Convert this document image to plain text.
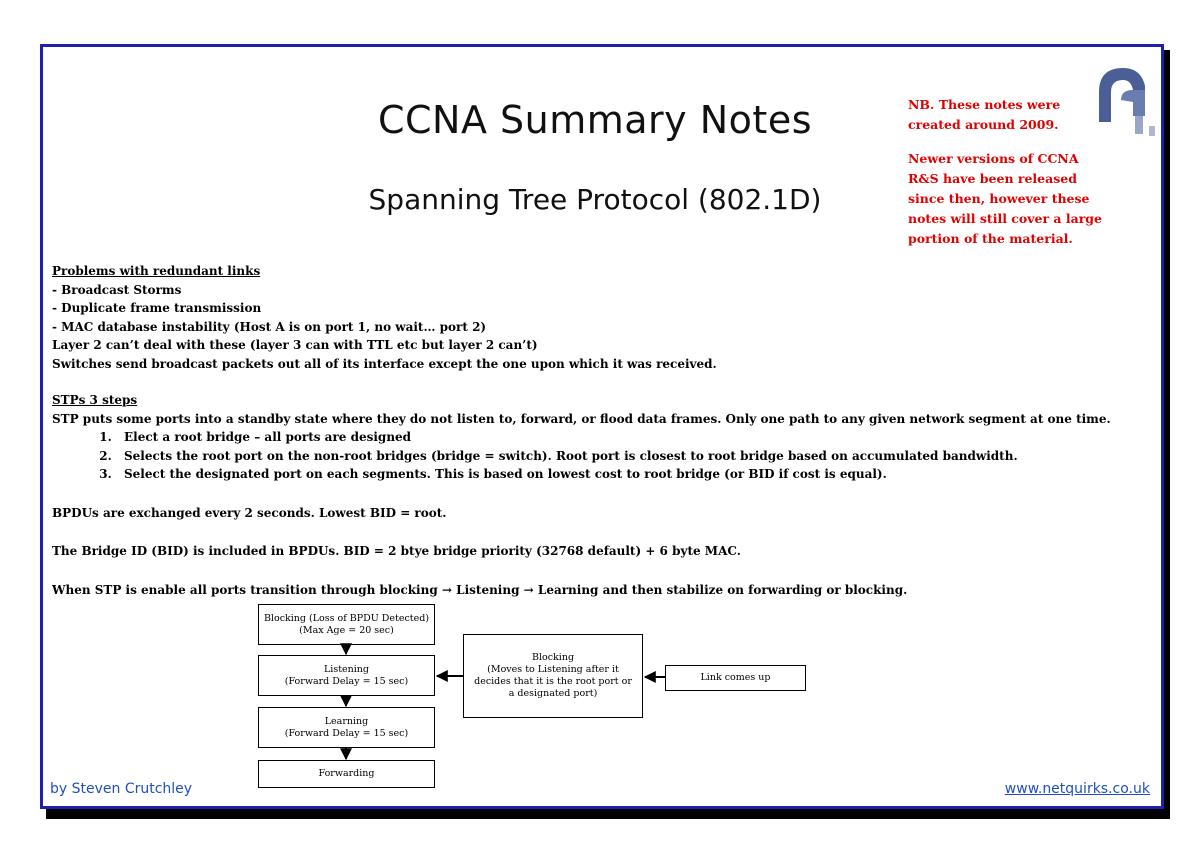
CCNA Summary Notes
Spanning Tree Protocol (802.1D)

NB. These notes were created around 2009.

Newer versions of CCNA R&S have been released since then, however these notes will still cover a large portion of the material.

Problems with redundant links
- Broadcast Storms
- Duplicate frame transmission
- MAC database instability (Host A is on port 1, no wait… port 2)
Layer 2 can’t deal with these (layer 3 can with TTL etc but layer 2 can’t)
Switches send broadcast packets out all of its interface except the one upon which it was received.
STPs 3 steps
STP puts some ports into a standby state where they do not listen to, forward, or flood data frames. Only one path to any given network segment at one time.
1. Elect a root bridge – all ports are designed
2. Selects the root port on the non-root bridges (bridge = switch). Root port is closest to root bridge based on accumulated bandwidth.
3. Select the designated port on each segments. This is based on lowest cost to root bridge (or BID if cost is equal).
BPDUs are exchanged every 2 seconds. Lowest BID = root.
The Bridge ID (BID) is included in BPDUs. BID = 2 btye bridge priority (32768 default) + 6 byte MAC.
When STP is enable all ports transition through blocking → Listening → Learning and then stabilize on forwarding or blocking.
Blocking (Loss of BPDU Detected)
(Max Age = 20 sec)
Listening
(Forward Delay = 15 sec)
Learning
(Forward Delay = 15 sec)
Forwarding
Blocking
(Moves to Listening after it
decides that it is the root port or
a designated port)
Link comes up
by Steven Crutchley	www.netquirks.co.uk
